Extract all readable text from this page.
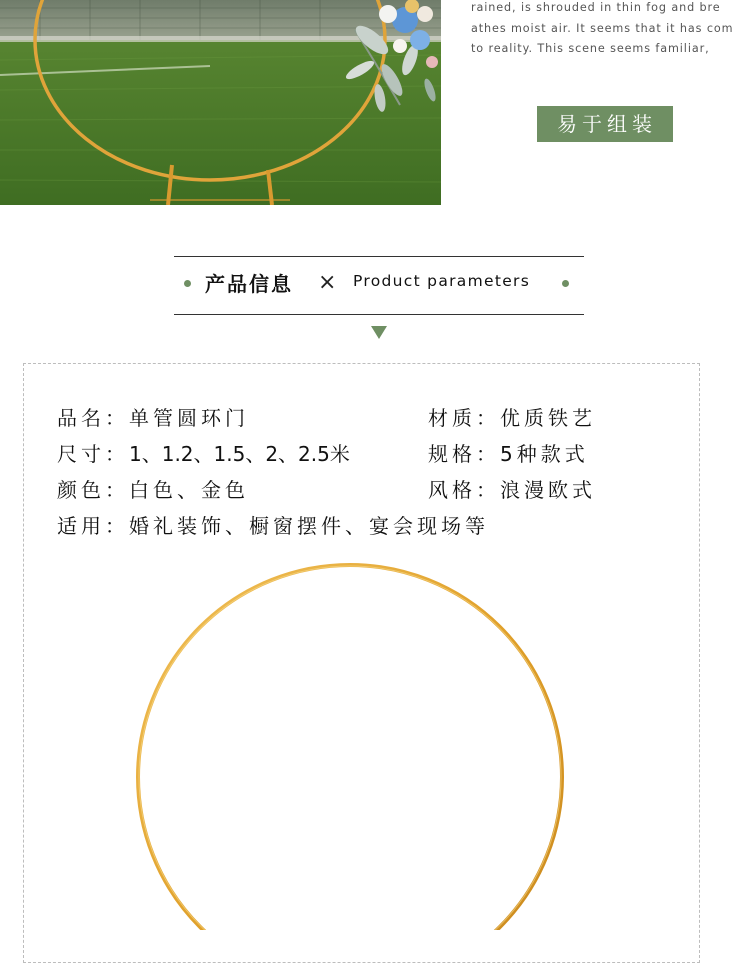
rained, is shrouded in thin fog and bre
athes moist air. It seems that it has com
to reality. This scene seems familiar,
易于组装
产品信息 × Product parameters
品名：单管圆环门	材质：优质铁艺
尺寸：1、1.2、1.5、2、2.5米	规格：5种款式
颜色：白色、金色	风格：浪漫欧式
适用：婚礼装饰、橱窗摆件、宴会现场等
